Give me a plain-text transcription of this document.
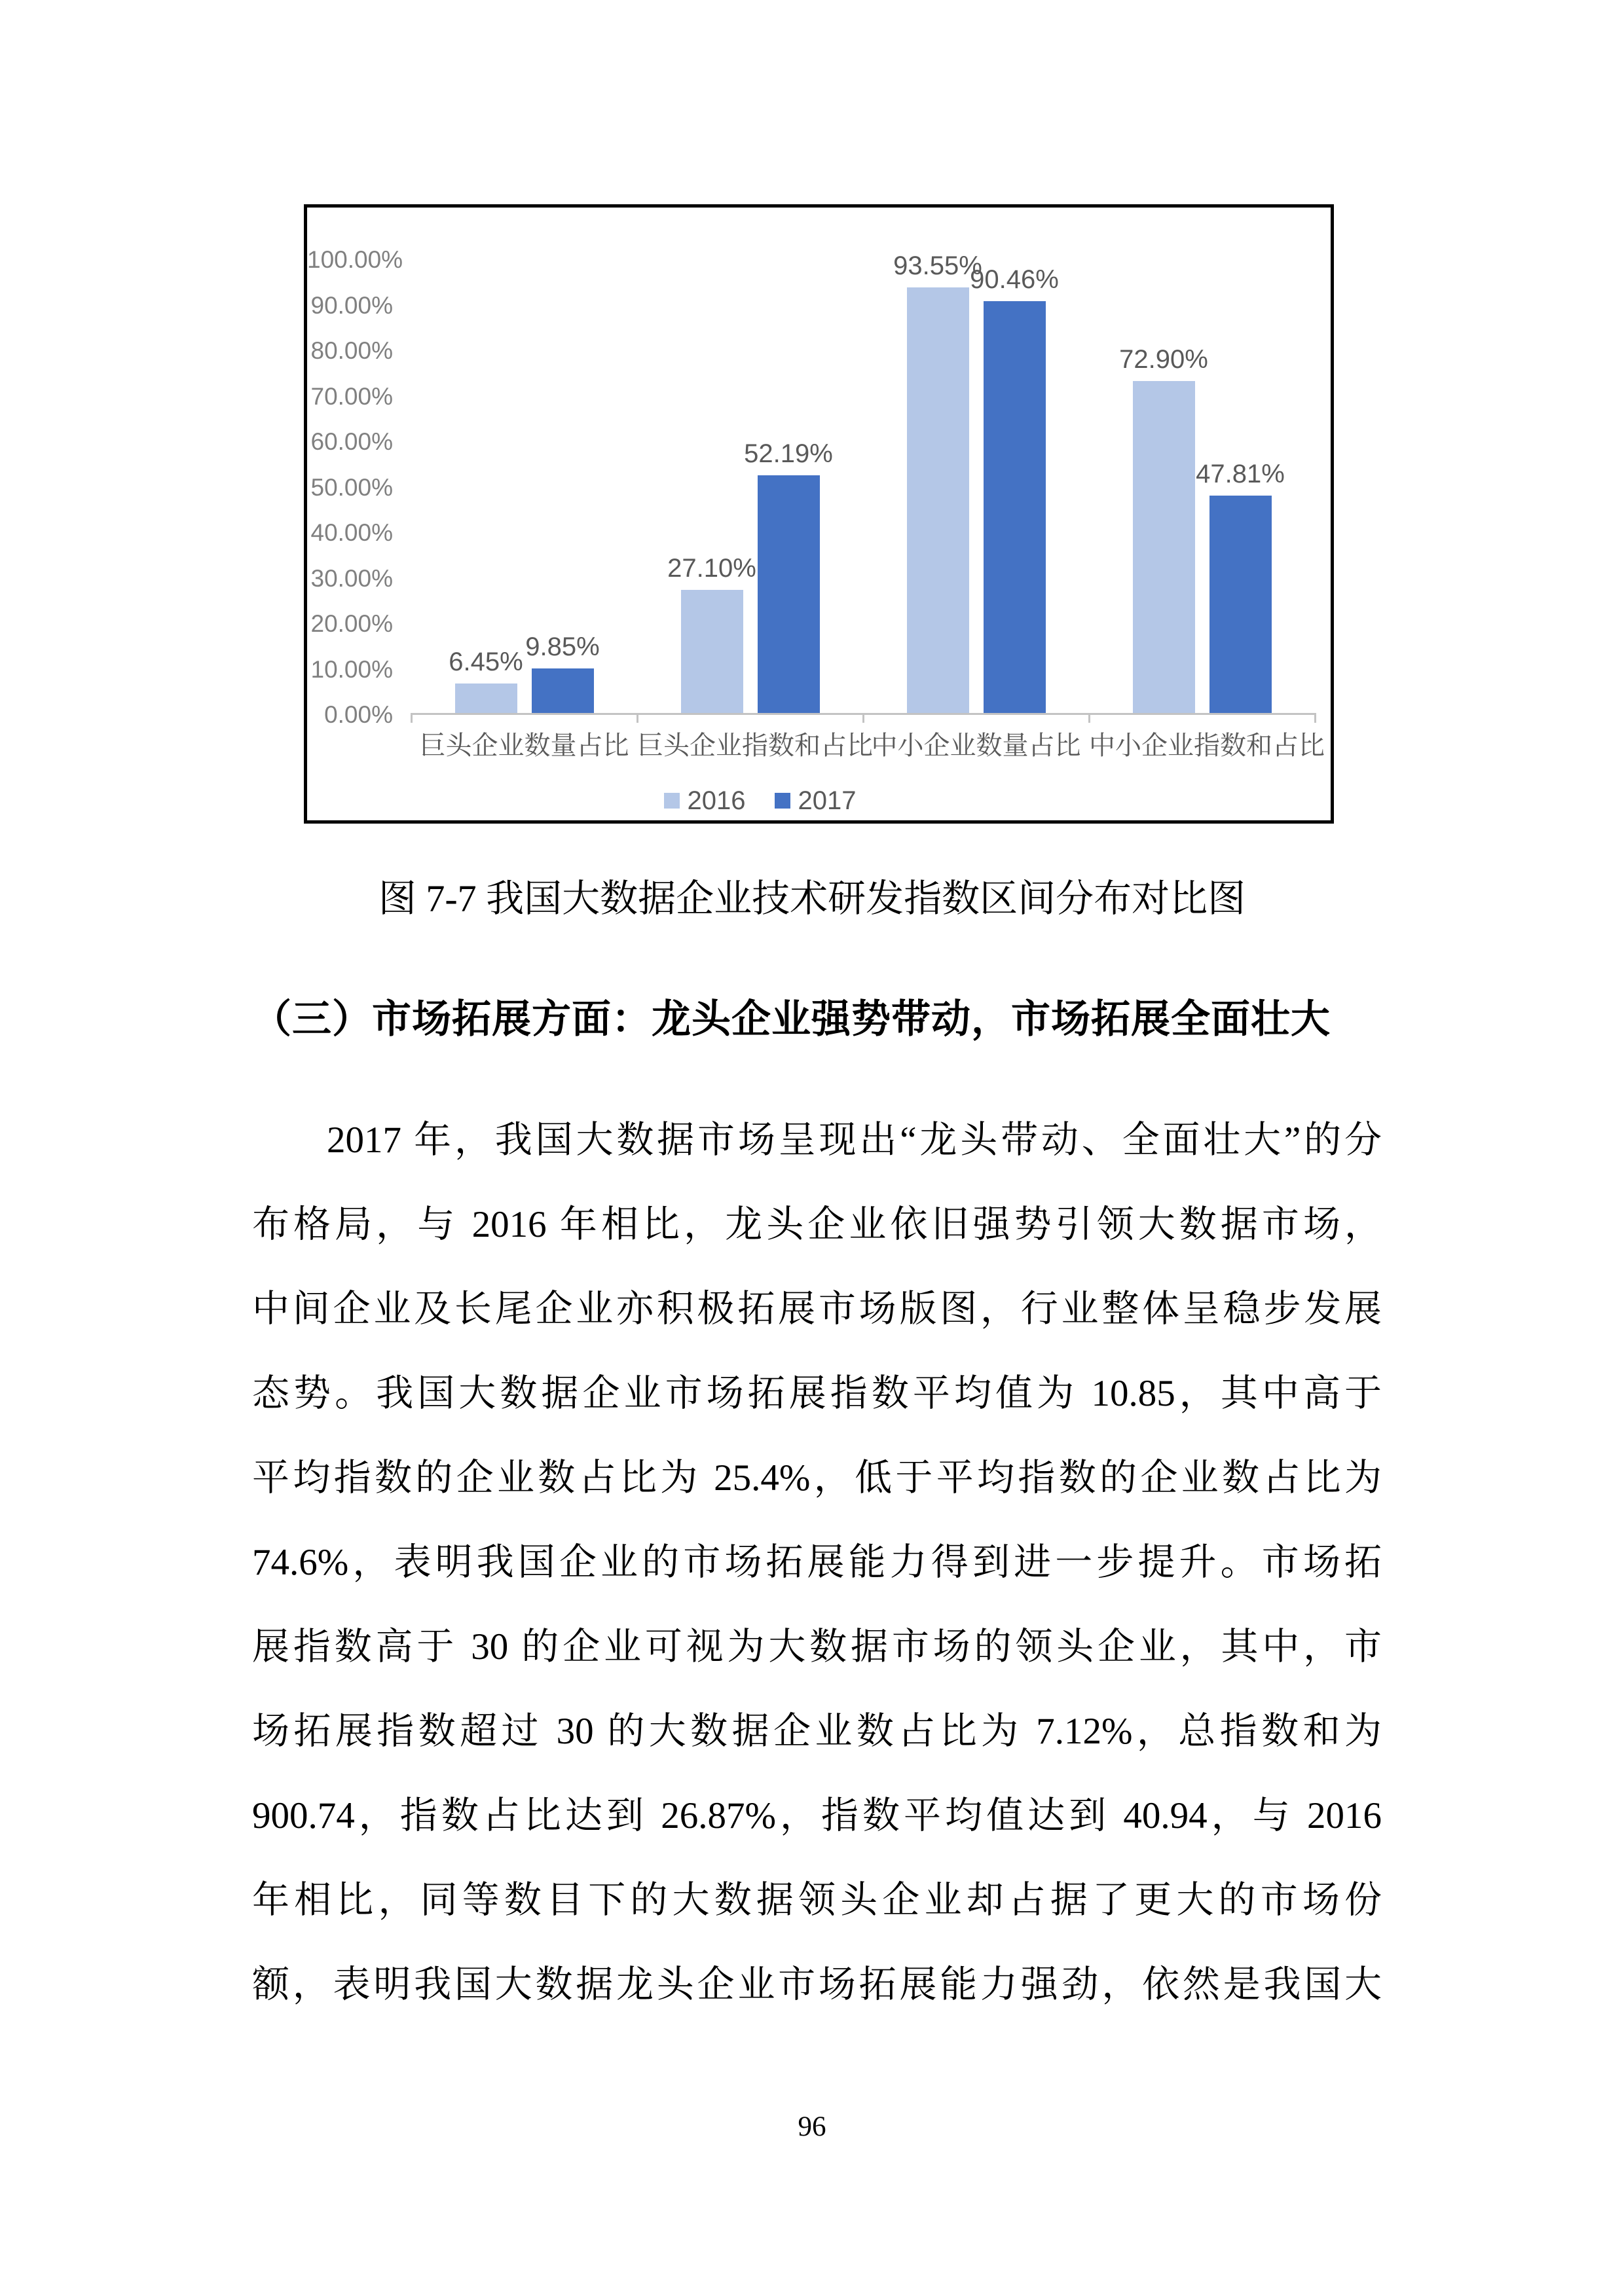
100.00%
90.00%
80.00%
70.00%
60.00%
50.00%
40.00%
30.00%
20.00%
10.00%
0.00%
6.45%
9.85%
巨头企业数量占比
27.10%
52.19%
巨头企业指数和占比
93.55%
90.46%
中小企业数量占比
72.90%
47.81%
中小企业指数和占比
2016 2017
图 7-7 我国大数据企业技术研发指数区间分布对比图
（三）市场拓展方面：龙头企业强势带动，市场拓展全面壮大
2017 年，我国大数据市场呈现出“龙头带动、全面壮大”的分
布格局，与 2016 年相比，龙头企业依旧强势引领大数据市场，
中间企业及长尾企业亦积极拓展市场版图，行业整体呈稳步发展
态势。我国大数据企业市场拓展指数平均值为 10.85，其中高于
平均指数的企业数占比为 25.4%，低于平均指数的企业数占比为
74.6%，表明我国企业的市场拓展能力得到进一步提升。市场拓
展指数高于 30 的企业可视为大数据市场的领头企业，其中，市
场拓展指数超过 30 的大数据企业数占比为 7.12%，总指数和为
900.74，指数占比达到 26.87%，指数平均值达到 40.94，与 2016
年相比，同等数目下的大数据领头企业却占据了更大的市场份
额，表明我国大数据龙头企业市场拓展能力强劲，依然是我国大
96
